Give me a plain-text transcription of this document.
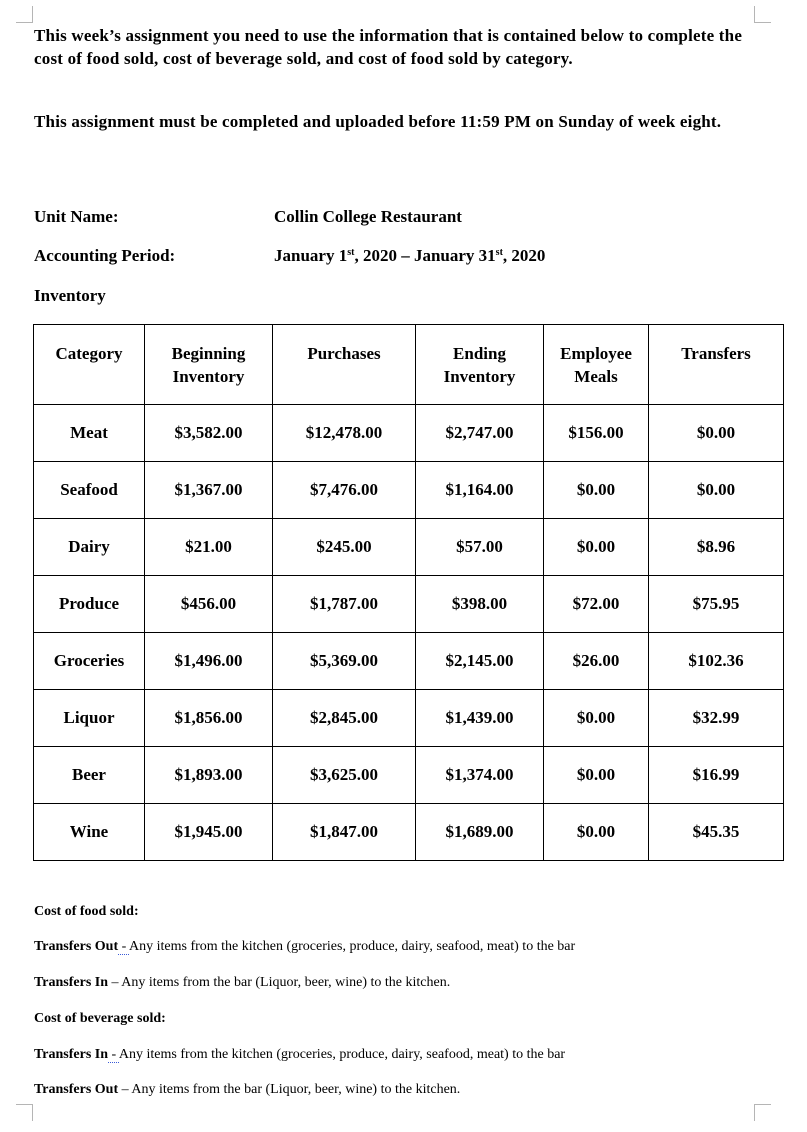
This week’s assignment you need to use the information that is contained below to complete the cost of food sold, cost of beverage sold, and cost of food sold by category.

This assignment must be completed and uploaded before 11:59 PM on Sunday of week eight.

Unit Name:	Collin College Restaurant

Accounting Period:	January 1st, 2020 – January 31st, 2020

Inventory

Category	Beginning Inventory	Purchases	Ending Inventory	Employee Meals	Transfers
Meat	$3,582.00	$12,478.00	$2,747.00	$156.00	$0.00
Seafood	$1,367.00	$7,476.00	$1,164.00	$0.00	$0.00
Dairy	$21.00	$245.00	$57.00	$0.00	$8.96
Produce	$456.00	$1,787.00	$398.00	$72.00	$75.95
Groceries	$1,496.00	$5,369.00	$2,145.00	$26.00	$102.36
Liquor	$1,856.00	$2,845.00	$1,439.00	$0.00	$32.99
Beer	$1,893.00	$3,625.00	$1,374.00	$0.00	$16.99
Wine	$1,945.00	$1,847.00	$1,689.00	$0.00	$45.35

Cost of food sold:

Transfers Out - Any items from the kitchen (groceries, produce, dairy, seafood, meat) to the bar

Transfers In – Any items from the bar (Liquor, beer, wine) to the kitchen.

Cost of beverage sold:

Transfers In - Any items from the kitchen (groceries, produce, dairy, seafood, meat) to the bar

Transfers Out – Any items from the bar (Liquor, beer, wine) to the kitchen.
